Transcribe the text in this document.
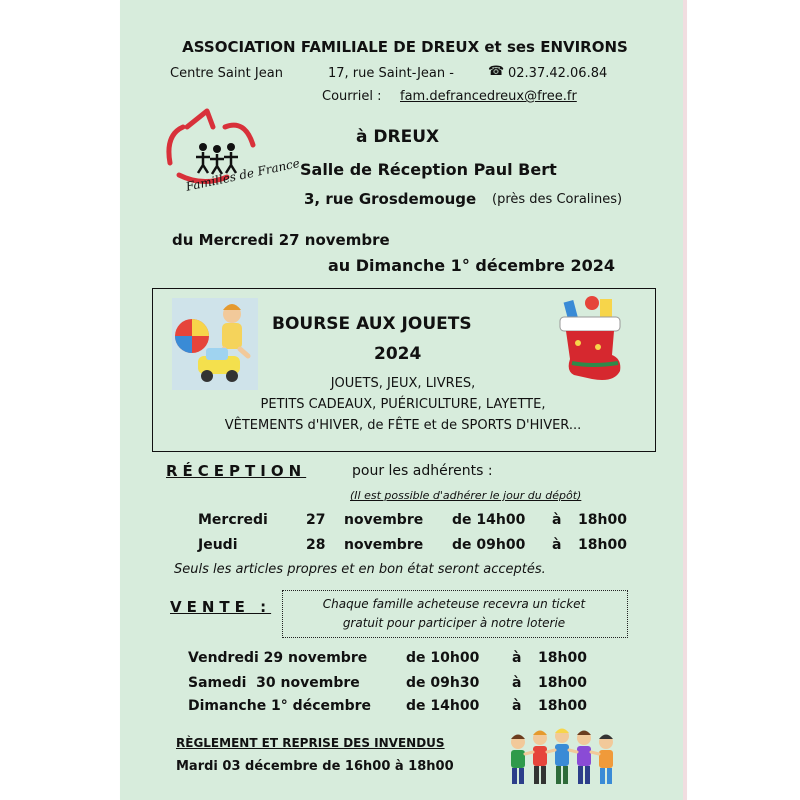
ASSOCIATION FAMILIALE DE DREUX et ses ENVIRONS
Centre Saint Jean	17, rue Saint-Jean -	☎ 02.37.42.06.84
Courriel : fam.defrancedreux@free.fr
Familles de France
à DREUX
Salle de Réception Paul Bert
3, rue Grosdemouge (près des Coralines)
du Mercredi 27 novembre
au Dimanche 1° décembre 2024
BOURSE AUX JOUETS
2024
JOUETS, JEUX, LIVRES,
PETITS CADEAUX, PUÉRICULTURE, LAYETTE,
VÊTEMENTS d'HIVER, de FÊTE et de SPORTS D'HIVER...
RÉCEPTION	pour les adhérents :
(Il est possible d'adhérer le jour du dépôt)
Mercredi	27 novembre de 14h00 à 18h00
Jeudi	28 novembre de 09h00 à 18h00
Seuls les articles propres et en bon état seront acceptés.
VENTE :	Chaque famille acheteuse recevra un ticket
gratuit pour participer à notre loterie
Vendredi 29 novembre	de 10h00 à 18h00
Samedi  30 novembre	de 09h30 à 18h00
Dimanche 1° décembre	de 14h00 à 18h00
RÈGLEMENT ET REPRISE DES INVENDUS
Mardi 03 décembre de 16h00 à 18h00
